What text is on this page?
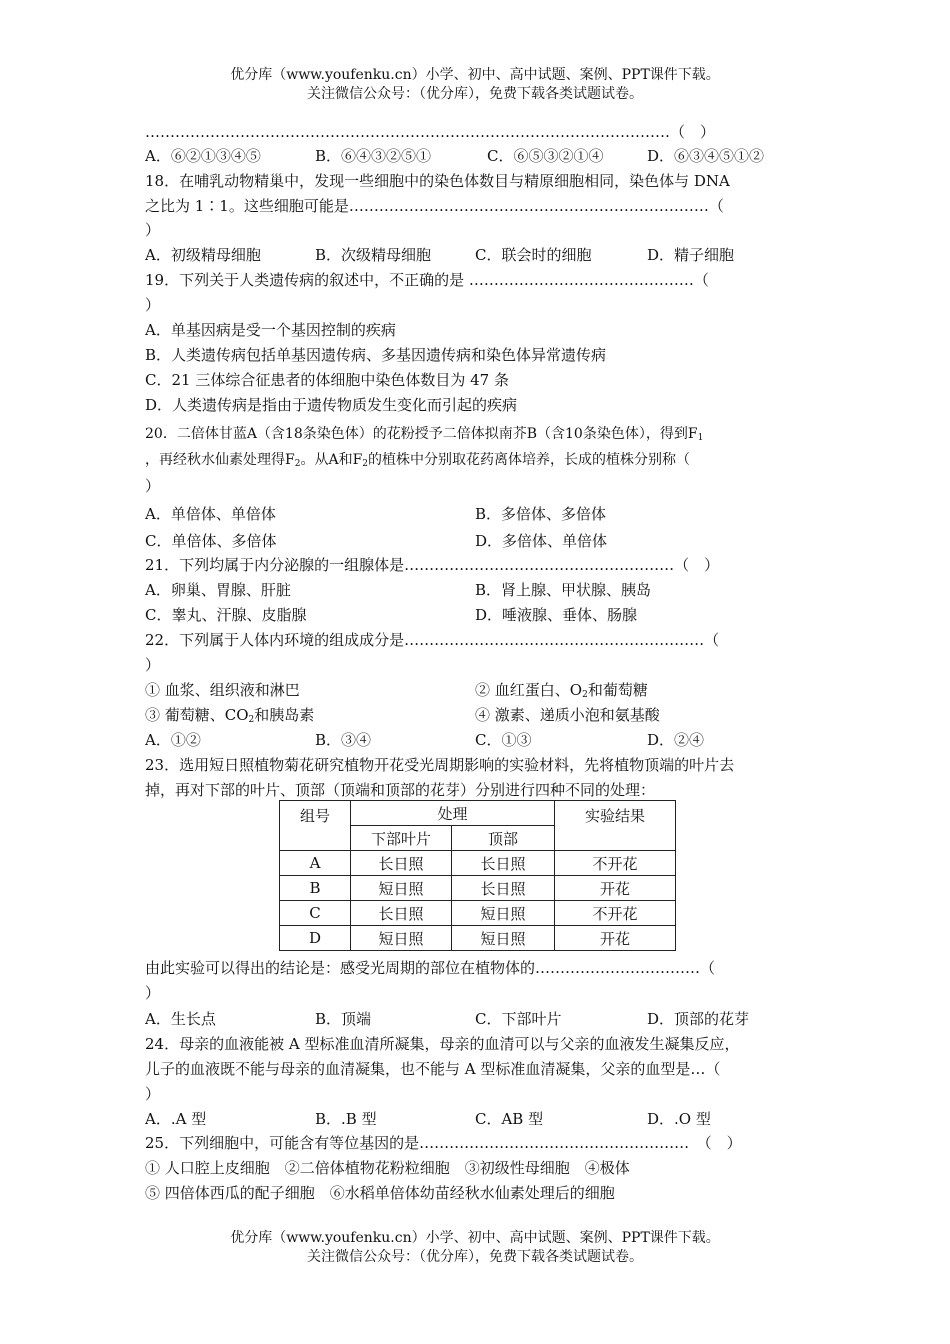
优分库（www.youfenku.cn）小学、初中、高中试题、案例、PPT课件下载。
关注微信公众号：（优分库），免费下载各类试题试卷。
……………………………………………………………………………………………（　）
A．⑥②①③④⑤	B．⑥④③②⑤①	C．⑥⑤③②①④	D．⑥③④⑤①②
18．在哺乳动物精巢中，发现一些细胞中的染色体数目与精原细胞相同，染色体与 DNA
之比为 1∶1。这些细胞可能是………………………………………………………………（
）
A．初级精母细胞	B．次级精母细胞	C．联会时的细胞	D．精子细胞
19．下列关于人类遗传病的叙述中，不正确的是 ………………………………………（
）
A．单基因病是受一个基因控制的疾病
B．人类遗传病包括单基因遗传病、多基因遗传病和染色体异常遗传病
C．21 三体综合征患者的体细胞中染色体数目为 47 条
D．人类遗传病是指由于遗传物质发生变化而引起的疾病
20．二倍体甘蓝A（含18条染色体）的花粉授予二倍体拟南芥B（含10条染色体），得到$F_1$
，再经秋水仙素处理得$F_2$。从A和$F_2$的植株中分别取花药离体培养，长成的植株分别称（
）
A．单倍体、单倍体	B．多倍体、多倍体
C．单倍体、多倍体	D．多倍体、单倍体
21．下列均属于内分泌腺的一组腺体是………………………………………………（　）
A．卵巢、胃腺、肝脏	B．肾上腺、甲状腺、胰岛
C．睾丸、汗腺、皮脂腺	D．唾液腺、垂体、肠腺
22．下列属于人体内环境的组成成分是……………………………………………………（
）
① 血浆、组织液和淋巴	② 血红蛋白、$O_2$和葡萄糖
③ 葡萄糖、$CO_2$和胰岛素	④ 激素、递质小泡和氨基酸
A．①②	B．③④	C．①③	D．②④
23．选用短日照植物菊花研究植物开花受光周期影响的实验材料，先将植物顶端的叶片去
掉，再对下部的叶片、顶部（顶端和顶部的花芽）分别进行四种不同的处理：
组号	处理		实验结果
	下部叶片	顶部	
A	长日照	长日照	不开花
B	短日照	长日照	开花
C	长日照	短日照	不开花
D	短日照	短日照	开花
由此实验可以得出的结论是：感受光周期的部位在植物体的……………………………（
）
A．生长点	B．顶端	C．下部叶片	D．顶部的花芽
24．母亲的血液能被 A 型标准血清所凝集，母亲的血清可以与父亲的血液发生凝集反应，
儿子的血液既不能与母亲的血清凝集，也不能与 A 型标准血清凝集，父亲的血型是…（
）
A．.A 型	B．.B 型	C．AB 型	D．.O 型
25．下列细胞中，可能含有等位基因的是………………………………………………　（　）
① 人口腔上皮细胞　②二倍体植物花粉粒细胞　③初级性母细胞　④极体
⑤ 四倍体西瓜的配子细胞　⑥水稻单倍体幼苗经秋水仙素处理后的细胞
优分库（www.youfenku.cn）小学、初中、高中试题、案例、PPT课件下载。
关注微信公众号：（优分库），免费下载各类试题试卷。
